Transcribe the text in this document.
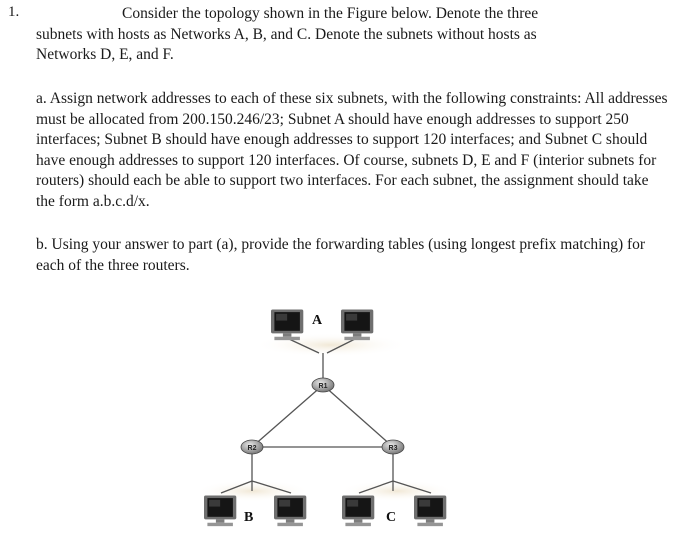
1.	Consider the topology shown in the Figure below. Denote the three
subnets with hosts as Networks A, B, and C. Denote the subnets without hosts as
Networks D, E, and F.

a. Assign network addresses to each of these six subnets, with the following constraints: All addresses must be allocated from 200.150.246/23; Subnet A should have enough addresses to support 250 interfaces; Subnet B should have enough addresses to support 120 interfaces; and Subnet C should have enough addresses to support 120 interfaces. Of course, subnets D, E and F (interior subnets for routers) should each be able to support two interfaces. For each subnet, the assignment should take the form a.b.c.d/x.

b. Using your answer to part (a), provide the forwarding tables (using longest prefix matching) for each of the three routers.

A
R1
R2	R3
B	C
